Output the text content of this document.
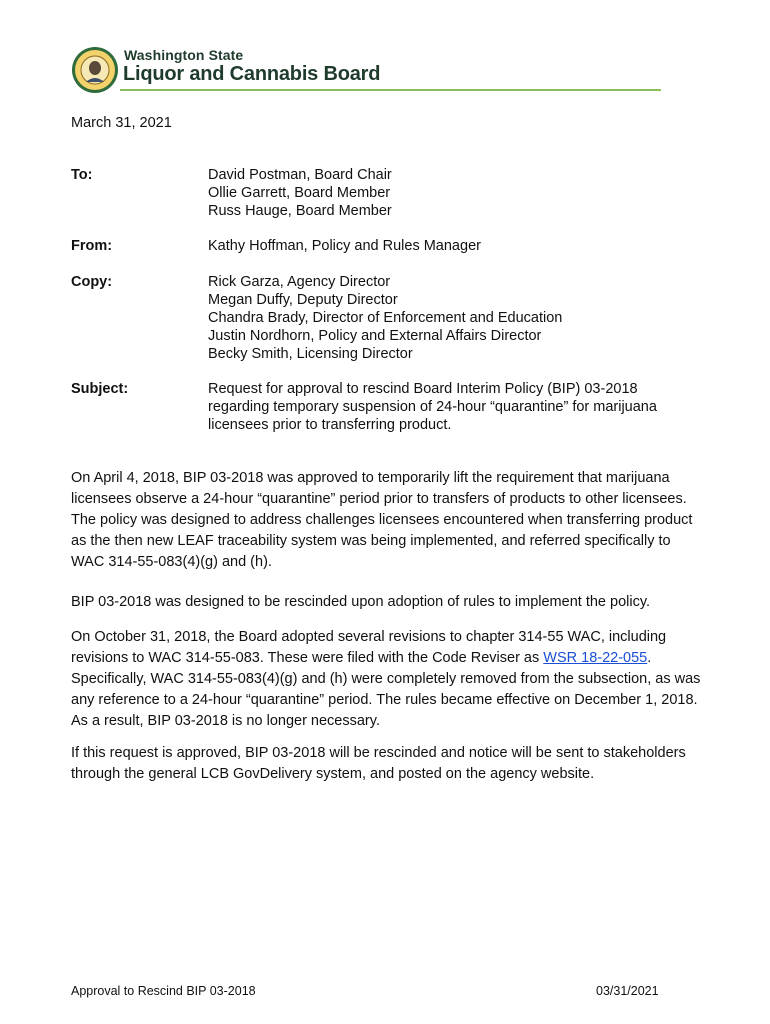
Washington State
Liquor and Cannabis Board
March 31, 2021
To:	David Postman, Board Chair
Ollie Garrett, Board Member
Russ Hauge, Board Member
From:	Kathy Hoffman, Policy and Rules Manager
Copy:	Rick Garza, Agency Director
Megan Duffy, Deputy Director
Chandra Brady, Director of Enforcement and Education
Justin Nordhorn, Policy and External Affairs Director
Becky Smith, Licensing Director
Subject:	Request for approval to rescind Board Interim Policy (BIP) 03-2018
regarding temporary suspension of 24-hour “quarantine” for marijuana
licensees prior to transferring product.

On April 4, 2018, BIP 03-2018 was approved to temporarily lift the requirement that marijuana licensees observe a 24-hour “quarantine” period prior to transfers of products to other licensees. The policy was designed to address challenges licensees encountered when transferring product as the then new LEAF traceability system was being implemented, and referred specifically to WAC 314-55-083(4)(g) and (h).

BIP 03-2018 was designed to be rescinded upon adoption of rules to implement the policy.

On October 31, 2018, the Board adopted several revisions to chapter 314-55 WAC, including revisions to WAC 314-55-083. These were filed with the Code Reviser as WSR 18-22-055. Specifically, WAC 314-55-083(4)(g) and (h) were completely removed from the subsection, as was any reference to a 24-hour “quarantine” period. The rules became effective on December 1, 2018. As a result, BIP 03-2018 is no longer necessary.

If this request is approved, BIP 03-2018 will be rescinded and notice will be sent to stakeholders through the general LCB GovDelivery system, and posted on the agency website.

Approval to Rescind BIP 03-2018	03/31/2021
